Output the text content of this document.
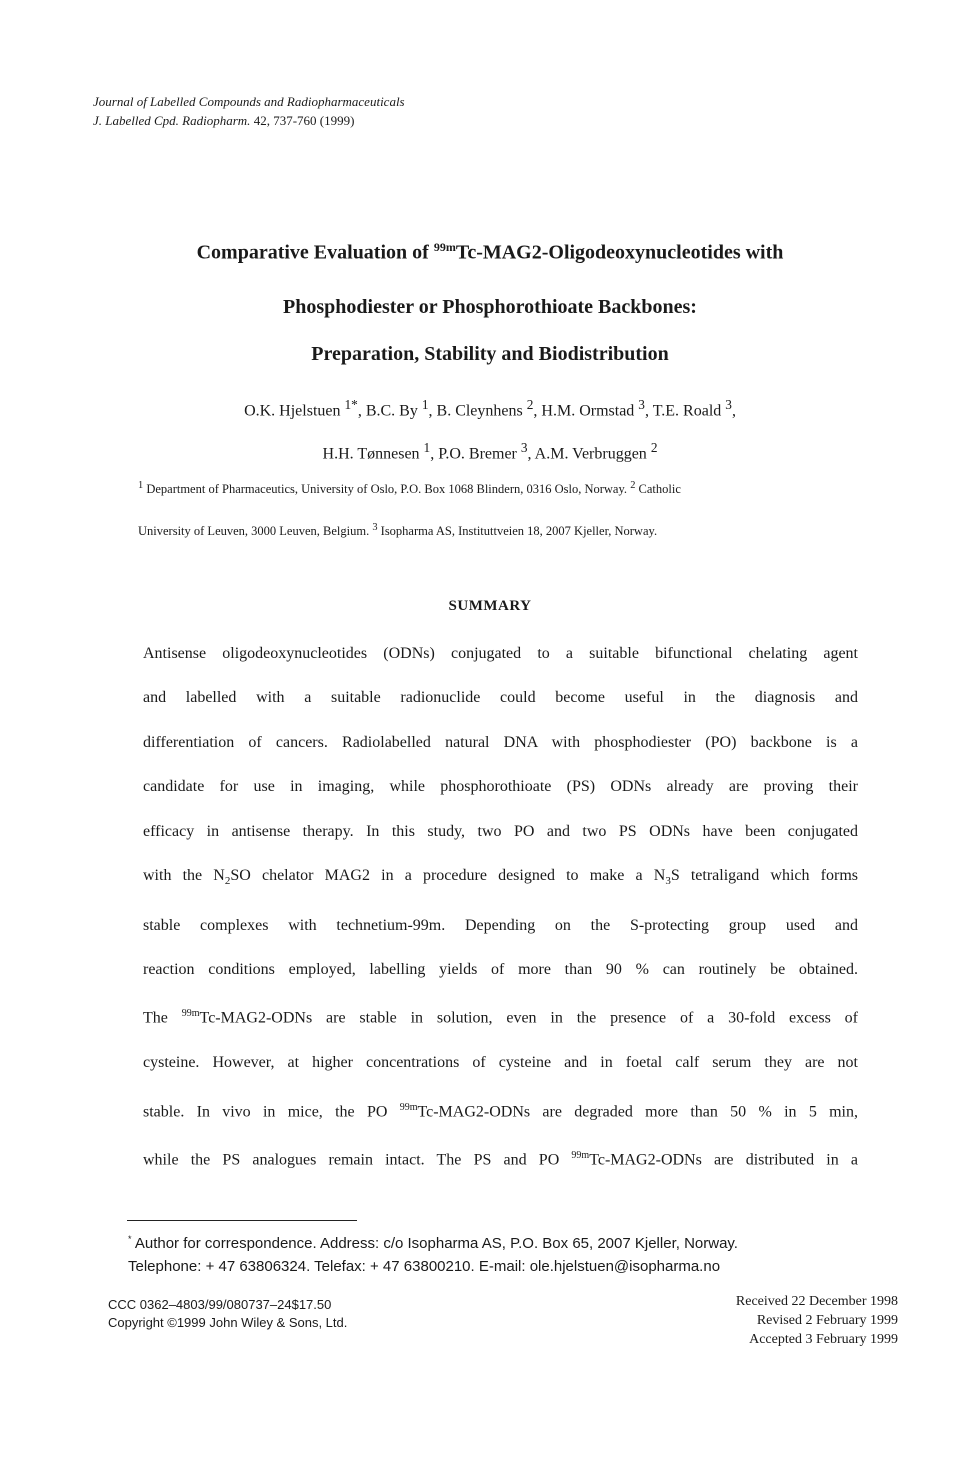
Journal of Labelled Compounds and Radiopharmaceuticals
J. Labelled Cpd. Radiopharm. 42, 737-760 (1999)
Comparative Evaluation of $^{99m}$Tc-MAG2-Oligodeoxynucleotides with
Phosphodiester or Phosphorothioate Backbones:
Preparation, Stability and Biodistribution
O.K. Hjelstuen $^{1*}$, B.C. By $^1$, B. Cleynhens $^2$, H.M. Ormstad $^3$, T.E. Roald $^3$,
H.H. Tønnesen $^1$, P.O. Bremer $^3$, A.M. Verbruggen $^2$
$^1$ Department of Pharmaceutics, University of Oslo, P.O. Box 1068 Blindern, 0316 Oslo, Norway. $^2$ Catholic
University of Leuven, 3000 Leuven, Belgium. $^3$ Isopharma AS, Instituttveien 18, 2007 Kjeller, Norway.
SUMMARY
Antisense oligodeoxynucleotides (ODNs) conjugated to a suitable bifunctional chelating agent
and labelled with a suitable radionuclide could become useful in the diagnosis and
differentiation of cancers. Radiolabelled natural DNA with phosphodiester (PO) backbone is a
candidate for use in imaging, while phosphorothioate (PS) ODNs already are proving their
efficacy in antisense therapy. In this study, two PO and two PS ODNs have been conjugated
with the $N_2SO$ chelator MAG2 in a procedure designed to make a $N_3S$ tetraligand which forms
stable complexes with technetium-99m. Depending on the S-protecting group used and
reaction conditions employed, labelling yields of more than 90 % can routinely be obtained.
The $^{99m}$Tc-MAG2-ODNs are stable in solution, even in the presence of a 30-fold excess of
cysteine. However, at higher concentrations of cysteine and in foetal calf serum they are not
stable. In vivo in mice, the PO $^{99m}$Tc-MAG2-ODNs are degraded more than 50 % in 5 min,
while the PS analogues remain intact. The PS and PO $^{99m}$Tc-MAG2-ODNs are distributed in a
* Author for correspondence. Address: c/o Isopharma AS, P.O. Box 65, 2007 Kjeller, Norway.
Telephone: + 47 63806324. Telefax: + 47 63800210. E-mail: ole.hjelstuen@isopharma.no
CCC 0362–4803/99/080737–24$17.50
Copyright ©1999 John Wiley & Sons, Ltd.
Received 22 December 1998
Revised 2 February 1999
Accepted 3 February 1999
